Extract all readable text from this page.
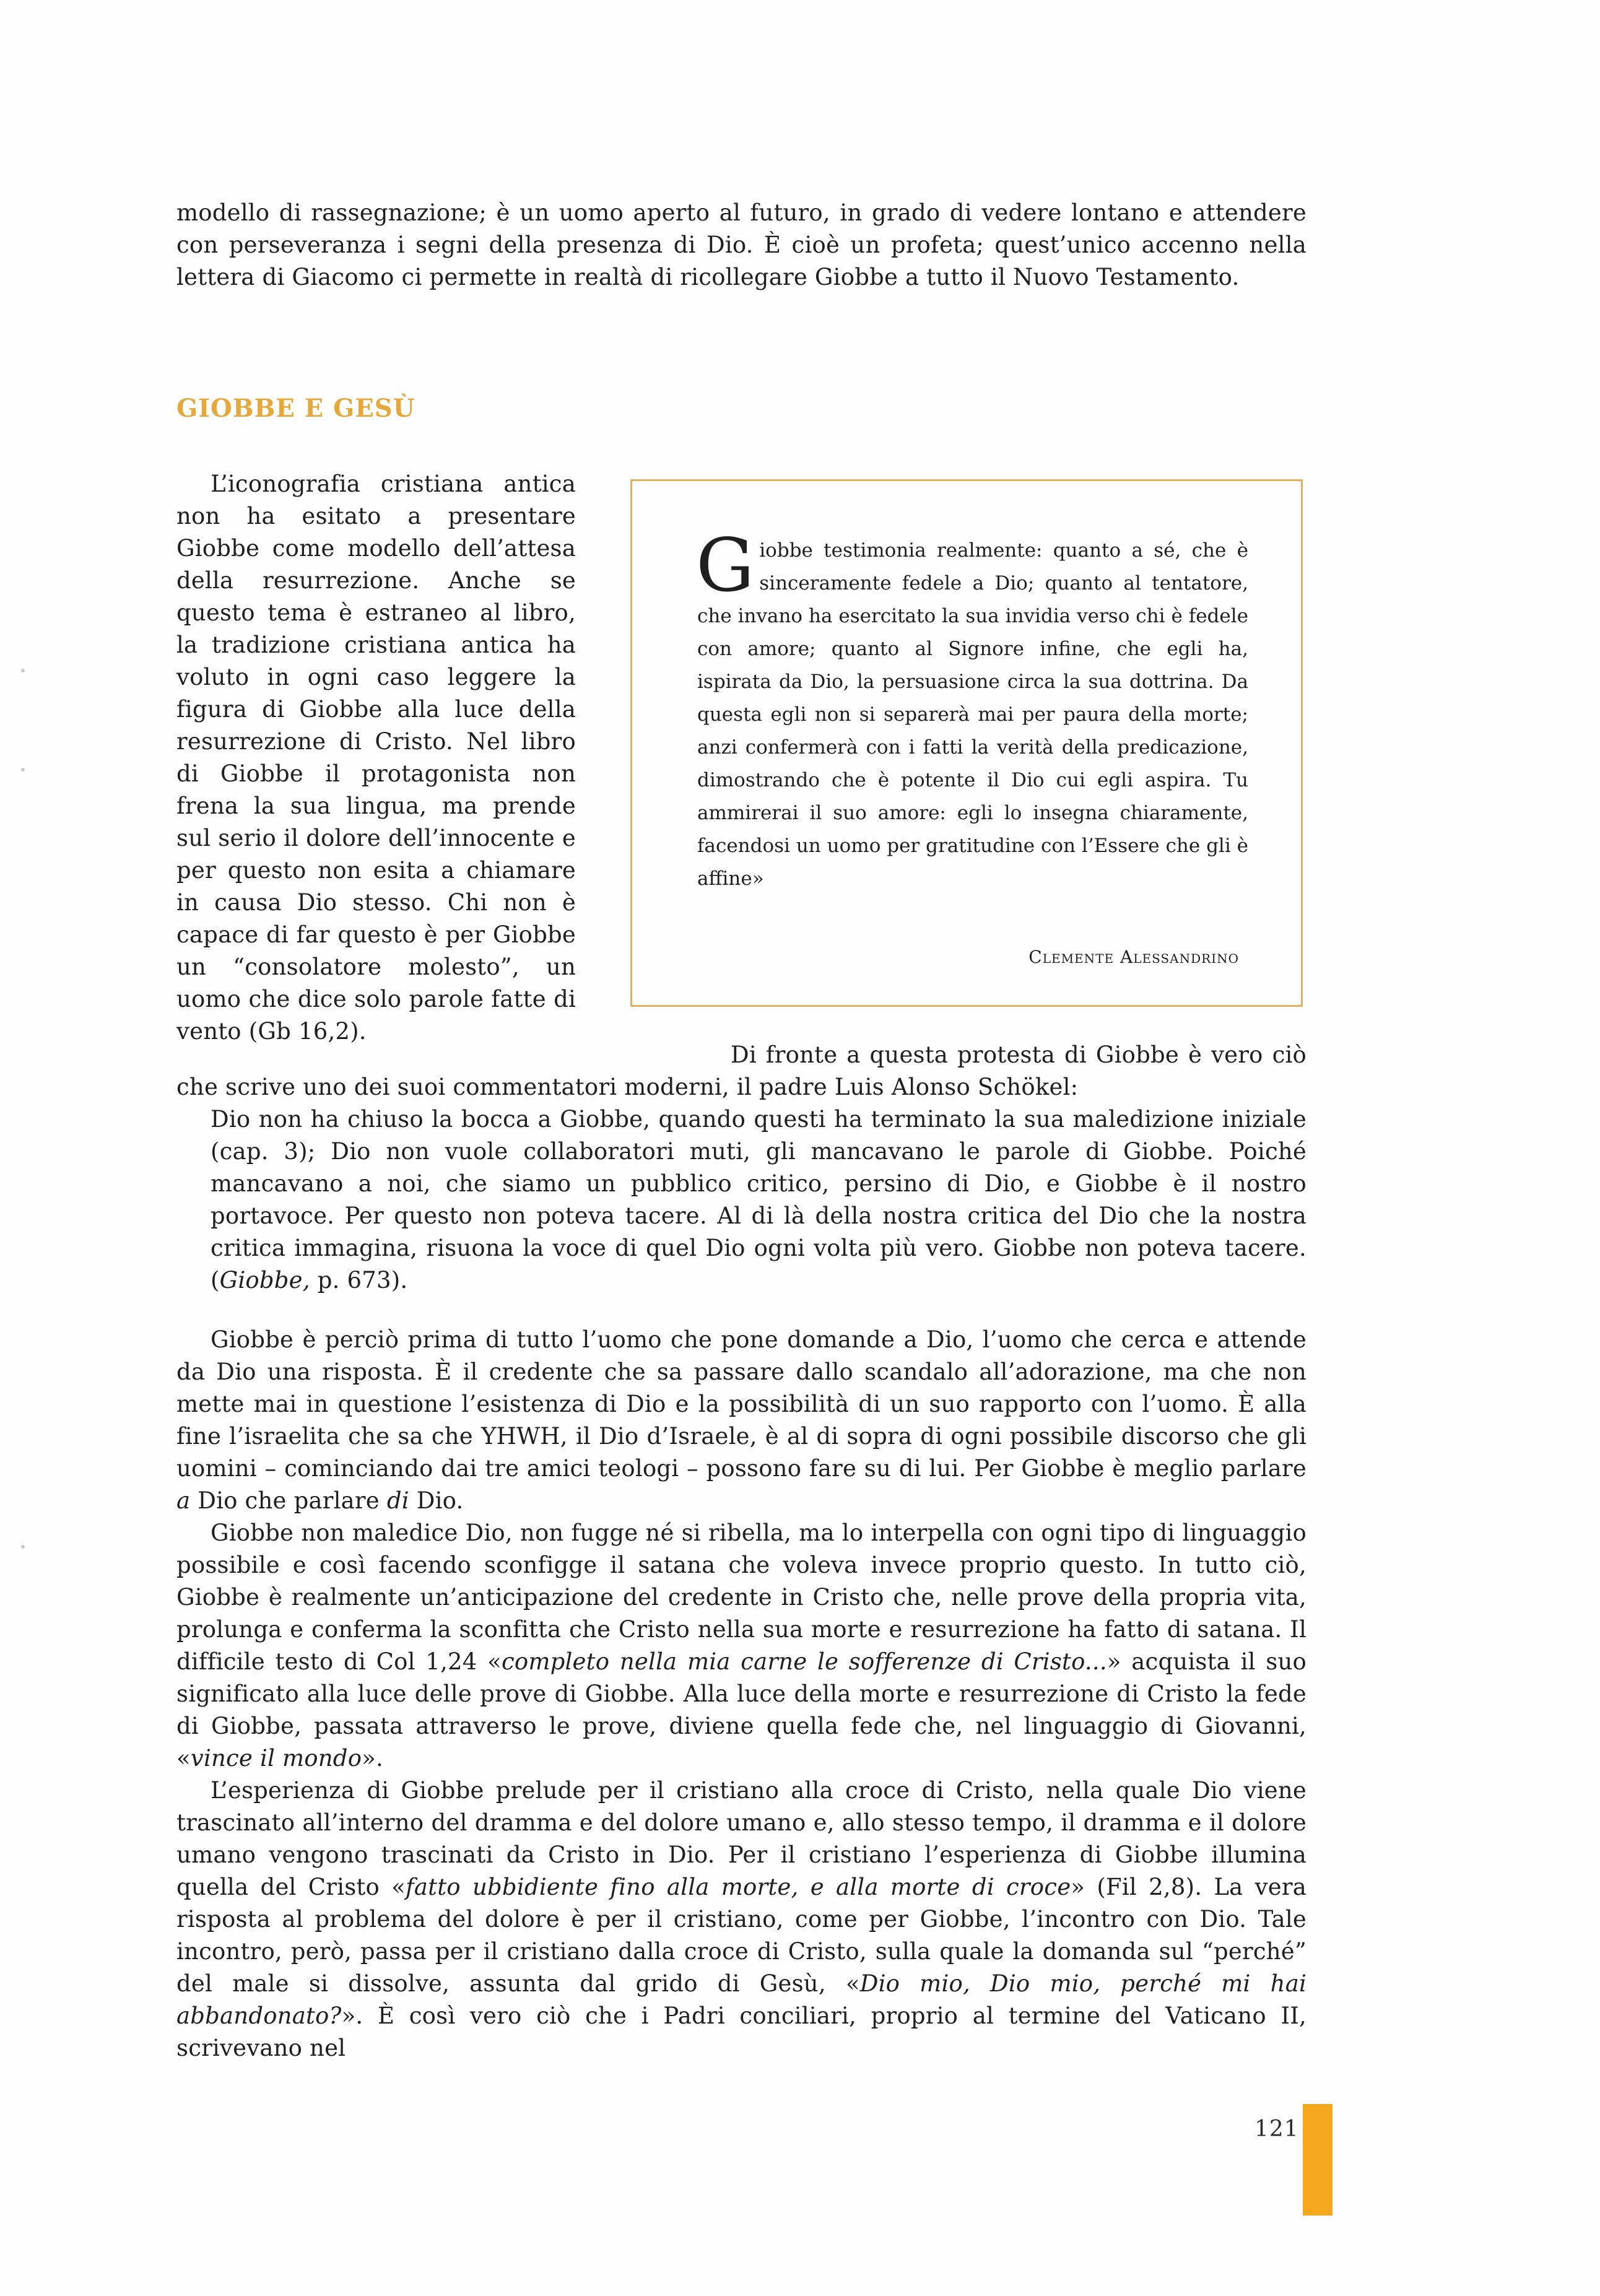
modello di rassegnazione; è un uomo aperto al futuro, in grado di vedere lontano e attendere con perseveranza i segni della presenza di Dio. È cioè un profeta; quest’unico accenno nella lettera di Giacomo ci permette in realtà di ricollegare Giobbe a tutto il Nuovo Testamento.

GIOBBE E GESÙ

L’iconografia cristiana antica non ha esitato a presentare Giobbe come modello dell’attesa della resurrezione. Anche se questo tema è estraneo al libro, la tradizione cristiana antica ha voluto in ogni caso leggere la figura di Giobbe alla luce della resurrezione di Cristo. Nel libro di Giobbe il protagonista non frena la sua lingua, ma prende sul serio il dolore dell’innocente e per questo non esita a chiamare in causa Dio stesso. Chi non è capace di far questo è per Giobbe un “consolatore molesto”, un uomo che dice solo parole fatte di vento (Gb 16,2).

Giobbe testimonia realmente: quanto a sé, che è sinceramente fedele a Dio; quanto al tentatore, che invano ha esercitato la sua invidia verso chi è fedele con amore; quanto al Signore infine, che egli ha, ispirata da Dio, la persuasione circa la sua dottrina. Da questa egli non si separerà mai per paura della morte; anzi confermerà con i fatti la verità della predicazione, dimostrando che è potente il Dio cui egli aspira. Tu ammirerai il suo amore: egli lo insegna chiaramente, facendosi un uomo per gratitudine con l’Essere che gli è affine»

Clemente Alessandrino

Di fronte a questa protesta di Giobbe è vero ciò che scrive uno dei suoi commentatori moderni, il padre Luis Alonso Schökel:

Dio non ha chiuso la bocca a Giobbe, quando questi ha terminato la sua maledizione iniziale (cap. 3); Dio non vuole collaboratori muti, gli mancavano le parole di Giobbe. Poiché mancavano a noi, che siamo un pubblico critico, persino di Dio, e Giobbe è il nostro portavoce. Per questo non poteva tacere. Al di là della nostra critica del Dio che la nostra critica immagina, risuona la voce di quel Dio ogni volta più vero. Giobbe non poteva tacere. (Giobbe, p. 673).

Giobbe è perciò prima di tutto l’uomo che pone domande a Dio, l’uomo che cerca e attende da Dio una risposta. È il credente che sa passare dallo scandalo all’adorazione, ma che non mette mai in questione l’esistenza di Dio e la possibilità di un suo rapporto con l’uomo. È alla fine l’israelita che sa che YHWH, il Dio d’Israele, è al di sopra di ogni possibile discorso che gli uomini – cominciando dai tre amici teologi – possono fare su di lui. Per Giobbe è meglio parlare a Dio che parlare di Dio.

Giobbe non maledice Dio, non fugge né si ribella, ma lo interpella con ogni tipo di linguaggio possibile e così facendo sconfigge il satana che voleva invece proprio questo. In tutto ciò, Giobbe è realmente un’anticipazione del credente in Cristo che, nelle prove della propria vita, prolunga e conferma la sconfitta che Cristo nella sua morte e resurrezione ha fatto di satana. Il difficile testo di Col 1,24 «completo nella mia carne le sofferenze di Cristo...» acquista il suo significato alla luce delle prove di Giobbe. Alla luce della morte e resurrezione di Cristo la fede di Giobbe, passata attraverso le prove, diviene quella fede che, nel linguaggio di Giovanni, «vince il mondo».

L’esperienza di Giobbe prelude per il cristiano alla croce di Cristo, nella quale Dio viene trascinato all’interno del dramma e del dolore umano e, allo stesso tempo, il dramma e il dolore umano vengono trascinati da Cristo in Dio. Per il cristiano l’esperienza di Giobbe illumina quella del Cristo «fatto ubbidiente fino alla morte, e alla morte di croce» (Fil 2,8). La vera risposta al problema del dolore è per il cristiano, come per Giobbe, l’incontro con Dio. Tale incontro, però, passa per il cristiano dalla croce di Cristo, sulla quale la domanda sul “perché” del male si dissolve, assunta dal grido di Gesù, «Dio mio, Dio mio, perché mi hai abbandonato?». È così vero ciò che i Padri conciliari, proprio al termine del Vaticano II, scrivevano nel

121
